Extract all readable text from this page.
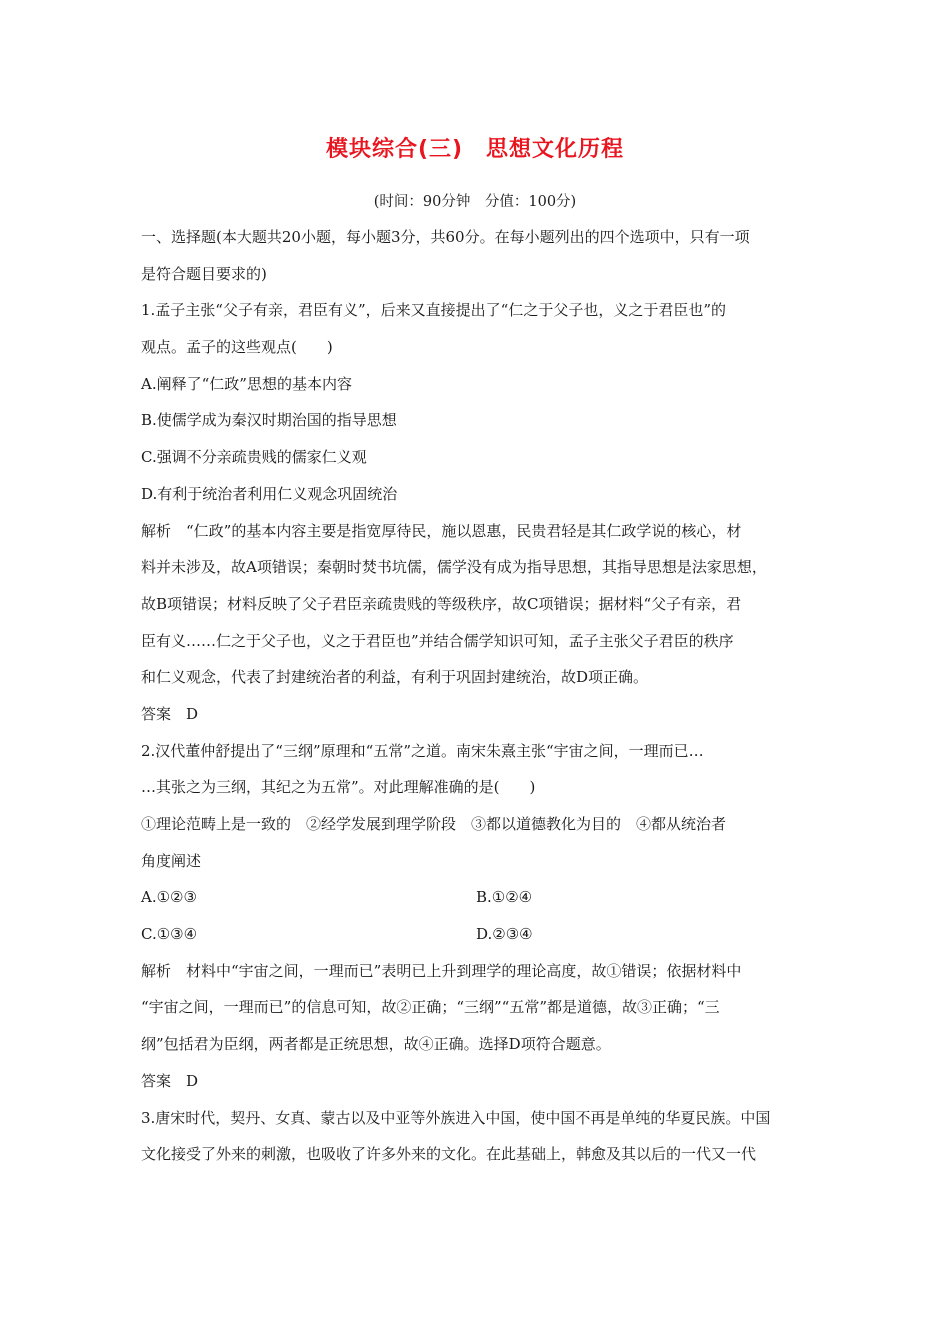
模块综合(三)　思想文化历程
(时间：90分钟　分值：100分)
一、选择题(本大题共20小题，每小题3分，共60分。在每小题列出的四个选项中，只有一项
是符合题目要求的)
1.孟子主张“父子有亲，君臣有义”，后来又直接提出了“仁之于父子也，义之于君臣也”的
观点。孟子的这些观点(　　)
A.阐释了“仁政”思想的基本内容
B.使儒学成为秦汉时期治国的指导思想
C.强调不分亲疏贵贱的儒家仁义观
D.有利于统治者利用仁义观念巩固统治
解析　“仁政”的基本内容主要是指宽厚待民，施以恩惠，民贵君轻是其仁政学说的核心，材
料并未涉及，故A项错误；秦朝时焚书坑儒，儒学没有成为指导思想，其指导思想是法家思想，
故B项错误；材料反映了父子君臣亲疏贵贱的等级秩序，故C项错误；据材料“父子有亲，君
臣有义……仁之于父子也，义之于君臣也”并结合儒学知识可知，孟子主张父子君臣的秩序
和仁义观念，代表了封建统治者的利益，有利于巩固封建统治，故D项正确。
答案　D
2.汉代董仲舒提出了“三纲”原理和“五常”之道。南宋朱熹主张“宇宙之间，一理而已…
…其张之为三纲，其纪之为五常”。对此理解准确的是(　　)
①理论范畴上是一致的　②经学发展到理学阶段　③都以道德教化为目的　④都从统治者
角度阐述
A.①②③	B.①②④
C.①③④	D.②③④
解析　材料中“宇宙之间，一理而已”表明已上升到理学的理论高度，故①错误；依据材料中
“宇宙之间，一理而已”的信息可知，故②正确；“三纲”“五常”都是道德，故③正确；“三
纲”包括君为臣纲，两者都是正统思想，故④正确。选择D项符合题意。
答案　D
3.唐宋时代，契丹、女真、蒙古以及中亚等外族进入中国，使中国不再是单纯的华夏民族。中国
文化接受了外来的刺激，也吸收了许多外来的文化。在此基础上，韩愈及其以后的一代又一代
